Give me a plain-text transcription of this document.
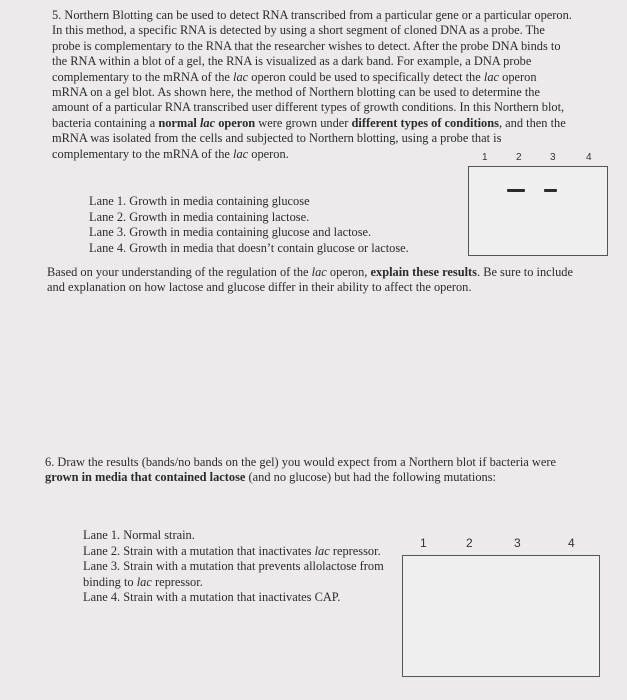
5. Northern Blotting can be used to detect RNA transcribed from a particular gene or a particular operon. In this method, a specific RNA is detected by using a short segment of cloned DNA as a probe. The probe is complementary to the RNA that the researcher wishes to detect. After the probe DNA binds to the RNA within a blot of a gel, the RNA is visualized as a dark band. For example, a DNA probe complementary to the mRNA of the lac operon could be used to specifically detect the lac operon mRNA on a gel blot. As shown here, the method of Northern blotting can be used to determine the amount of a particular RNA transcribed user different types of growth conditions. In this Northern blot, bacteria containing a normal lac operon were grown under different types of conditions, and then the mRNA was isolated from the cells and subjected to Northern blotting, using a probe that is complementary to the mRNA of the lac operon.	1	2	3	4
Lane 1. Growth in media containing glucose
Lane 2. Growth in media containing lactose.
Lane 3. Growth in media containing glucose and lactose.
Lane 4. Growth in media that doesn’t contain glucose or lactose.

Based on your understanding of the regulation of the lac operon, explain these results. Be sure to include and explanation on how lactose and glucose differ in their ability to affect the operon.

6. Draw the results (bands/no bands on the gel) you would expect from a Northern blot if bacteria were grown in media that contained lactose (and no glucose) but had the following mutations:

Lane 1. Normal strain.
Lane 2. Strain with a mutation that inactivates lac repressor.
Lane 3. Strain with a mutation that prevents allolactose from binding to lac repressor.
Lane 4. Strain with a mutation that inactivates CAP.
1	2	3	4
